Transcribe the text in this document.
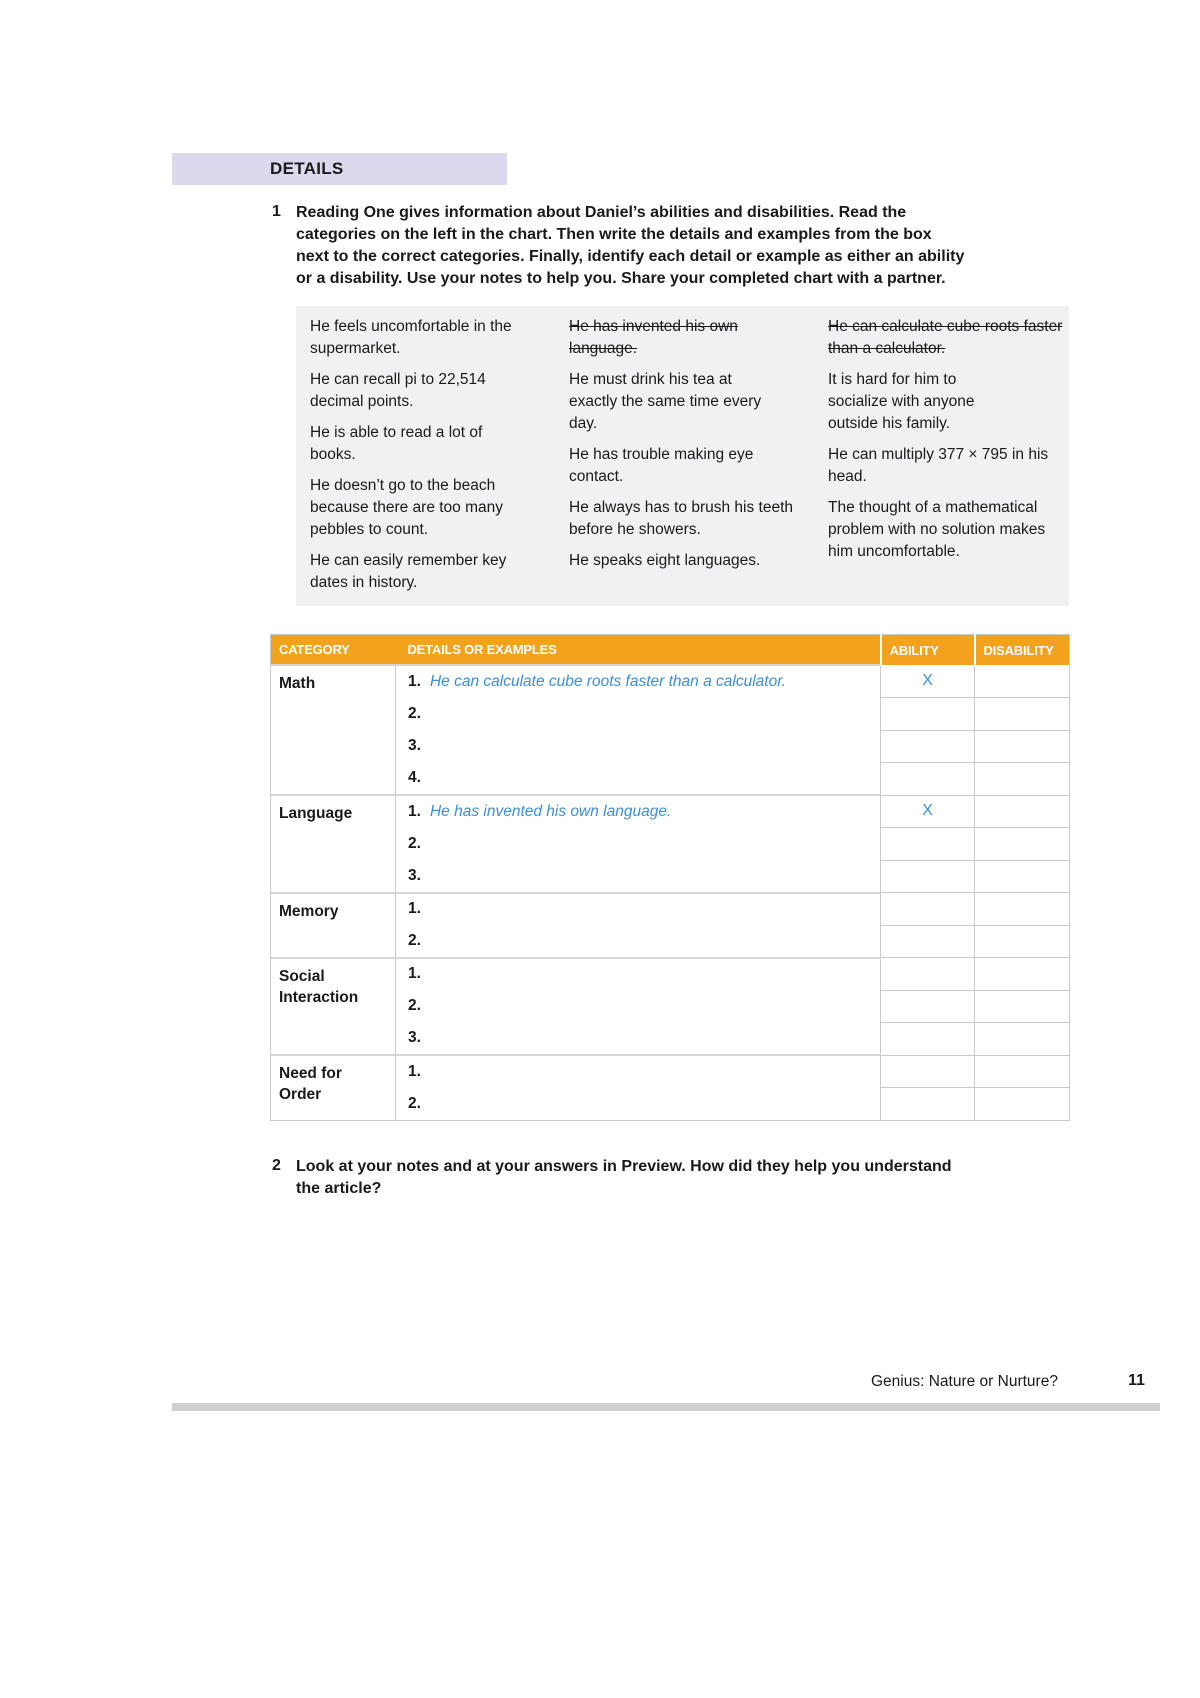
DETAILS
1 Reading One gives information about Daniel’s abilities and disabilities. Read the
categories on the left in the chart. Then write the details and examples from the box
next to the correct categories. Finally, identify each detail or example as either an ability
or a disability. Use your notes to help you. Share your completed chart with a partner.
He feels uncomfortable in the supermarket.
He can recall pi to 22,514 decimal points.
He is able to read a lot of books.
He doesn’t go to the beach because there are too many pebbles to count.
He can easily remember key dates in history.
He has invented his own language.
He must drink his tea at exactly the same time every day.
He has trouble making eye contact.
He always has to brush his teeth before he showers.
He speaks eight languages.
He can calculate cube roots faster than a calculator.
It is hard for him to socialize with anyone outside his family.
He can multiply 377 × 795 in his head.
The thought of a mathematical problem with no solution makes him uncomfortable.
CATEGORY	DETAILS OR EXAMPLES	ABILITY	DISABILITY
Math	1. He can calculate cube roots faster than a calculator.	X	
	2.		
	3.		
	4.		
Language	1. He has invented his own language.	X	
	2.		
	3.		
Memory	1.		
	2.		

Social Interaction	1.		
	2.		
	3.		

Need for Order	1.		
	2.		
2 Look at your notes and at your answers in Preview. How did they help you understand
the article?
Genius: Nature or Nurture?	11
